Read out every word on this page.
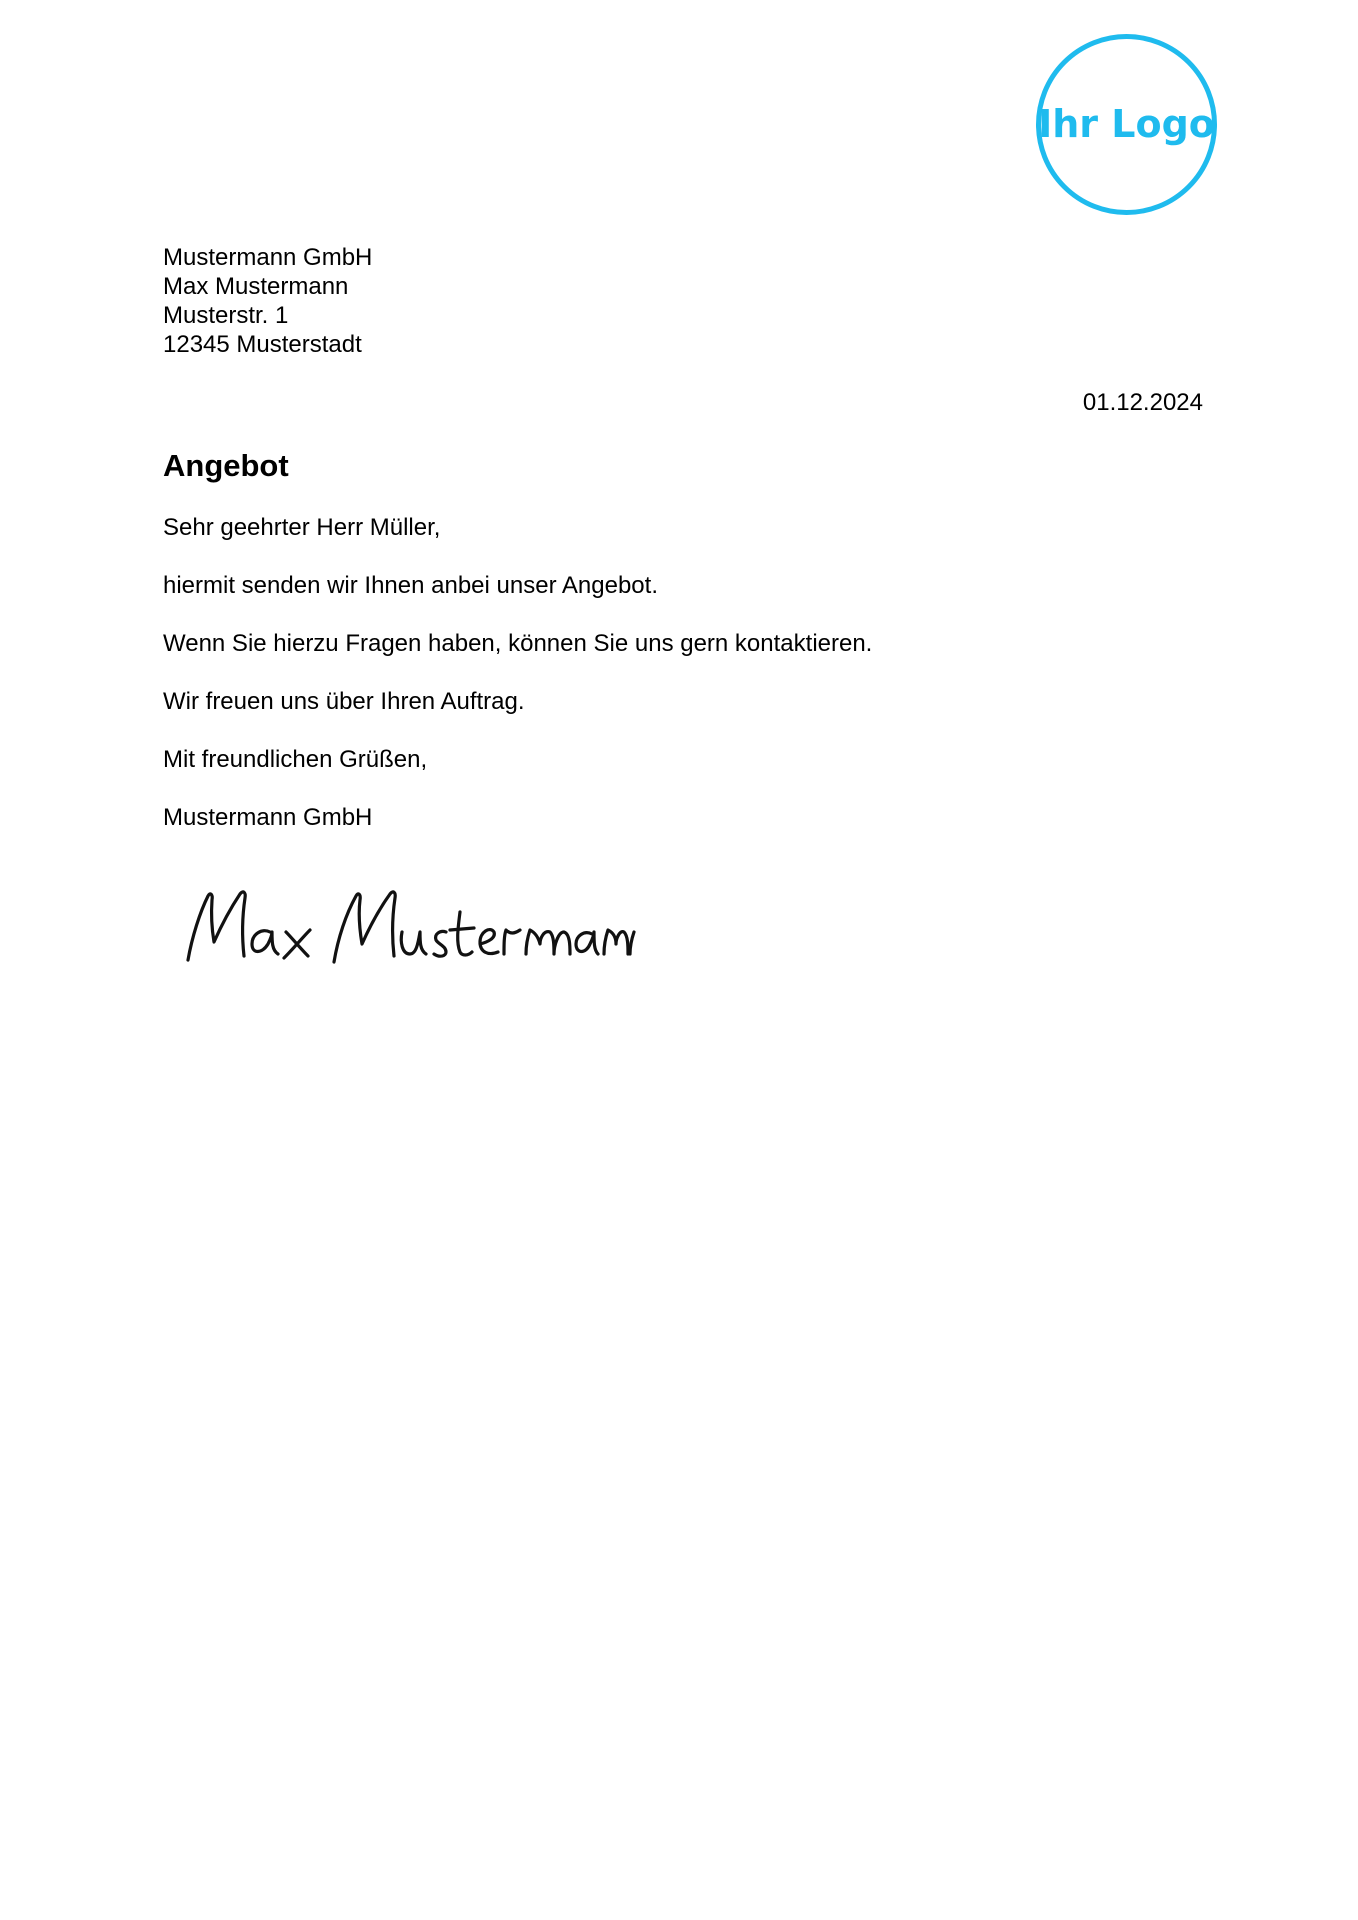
Ihr Logo
Mustermann GmbH
Max Mustermann
Musterstr. 1
12345 Musterstadt
01.12.2024
Angebot

Sehr geehrter Herr Müller,

hiermit senden wir Ihnen anbei unser Angebot.

Wenn Sie hierzu Fragen haben, können Sie uns gern kontaktieren.

Wir freuen uns über Ihren Auftrag.

Mit freundlichen Grüßen,

Mustermann GmbH
